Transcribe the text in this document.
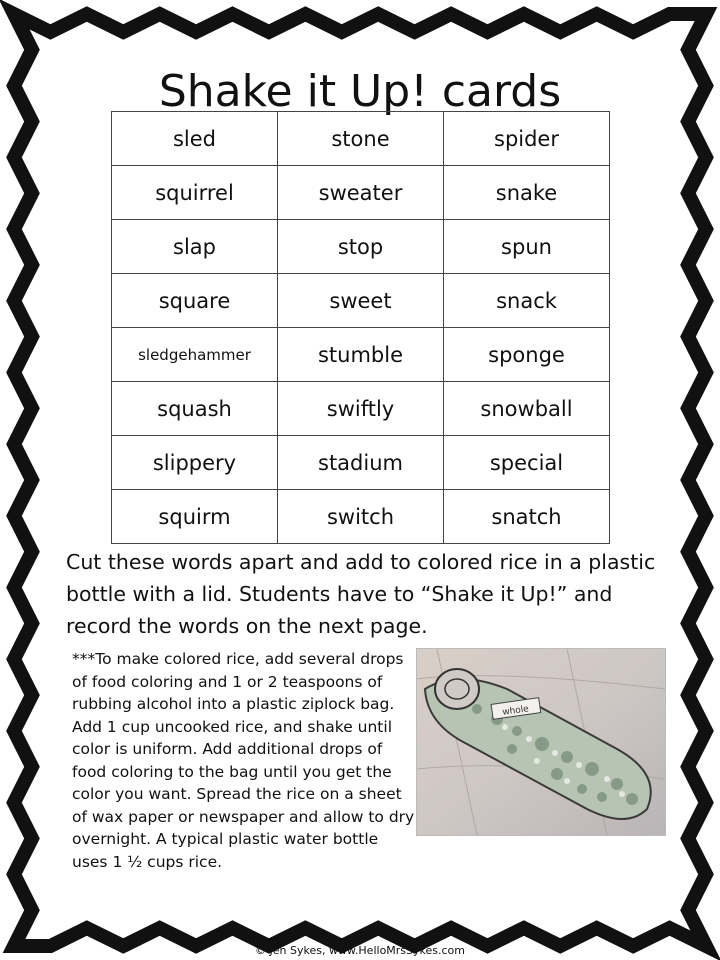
Shake it Up! cards
sled	stone	spider
squirrel	sweater	snake
slap	stop	spun
square	sweet	snack
sledgehammer	stumble	sponge
squash	swiftly	snowball
slippery	stadium	special
squirm	switch	snatch

Cut these words apart and add to colored rice in a plastic bottle with a lid. Students have to “Shake it Up!” and record the words on the next page.

***To make colored rice, add several drops of food coloring and 1 or 2 teaspoons of rubbing alcohol into a plastic ziplock bag. Add 1 cup uncooked rice, and shake until color is uniform. Add additional drops of food coloring to the bag until you get the color you want. Spread the rice on a sheet of wax paper or newspaper and allow to dry overnight. A typical plastic water bottle uses 1 ½ cups rice.

whole

© Jen Sykes, www.HelloMrsSykes.com
